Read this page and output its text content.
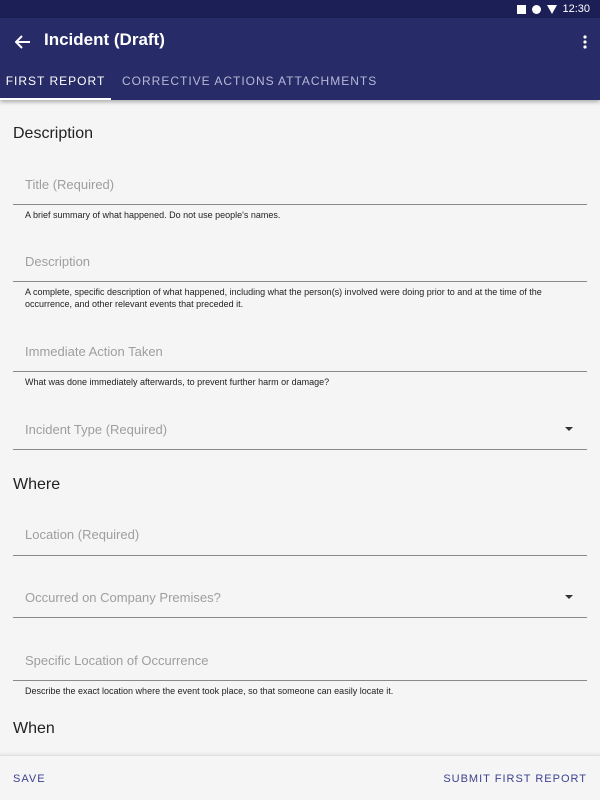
12:30
Incident (Draft)
FIRST REPORT	CORRECTIVE ACTIONS ATTACHMENTS
Description
Title (Required)
A brief summary of what happened. Do not use people's names.
Description
A complete, specific description of what happened, including what the person(s) involved were doing prior to and at the time of the occurrence, and other relevant events that preceded it.
Immediate Action Taken
What was done immediately afterwards, to prevent further harm or damage?
Incident Type (Required)
Where
Location (Required)
Occurred on Company Premises?
Specific Location of Occurrence
Describe the exact location where the event took place, so that someone can easily locate it.
When
SAVE	SUBMIT FIRST REPORT
